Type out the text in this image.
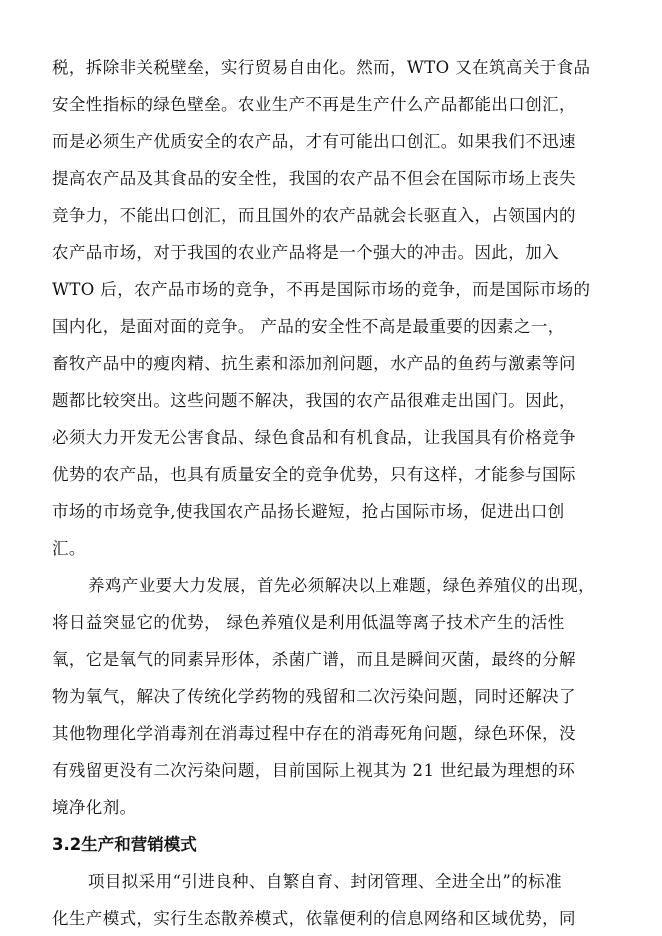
税，拆除非关税壁垒，实行贸易自由化。然而，WTO 又在筑高关于食品
安全性指标的绿色壁垒。农业生产不再是生产什么产品都能出口创汇，
而是必须生产优质安全的农产品，才有可能出口创汇。如果我们不迅速
提高农产品及其食品的安全性，我国的农产品不但会在国际市场上丧失
竞争力，不能出口创汇，而且国外的农产品就会长驱直入，占领国内的
农产品市场，对于我国的农业产品将是一个强大的冲击。因此，加入
WTO 后，农产品市场的竞争，不再是国际市场的竞争，而是国际市场的
国内化，是面对面的竞争。 产品的安全性不高是最重要的因素之一，
畜牧产品中的瘦肉精、抗生素和添加剂问题，水产品的鱼药与激素等问
题都比较突出。这些问题不解决，我国的农产品很难走出国门。因此，
必须大力开发无公害食品、绿色食品和有机食品，让我国具有价格竞争
优势的农产品，也具有质量安全的竞争优势，只有这样，才能参与国际
市场的市场竞争,使我国农产品扬长避短，抢占国际市场，促进出口创
汇。
养鸡产业要大力发展，首先必须解决以上难题，绿色养殖仪的出现，
将日益突显它的优势， 绿色养殖仪是利用低温等离子技术产生的活性
氧，它是氧气的同素异形体，杀菌广谱，而且是瞬间灭菌，最终的分解
物为氧气，解决了传统化学药物的残留和二次污染问题，同时还解决了
其他物理化学消毒剂在消毒过程中存在的消毒死角问题，绿色环保，没
有残留更没有二次污染问题，目前国际上视其为 21 世纪最为理想的环
境净化剂。
3.2生产和营销模式
项目拟采用“引进良种、自繁自育、封闭管理、全进全出”的标准
化生产模式，实行生态散养模式，依靠便利的信息网络和区域优势，同
